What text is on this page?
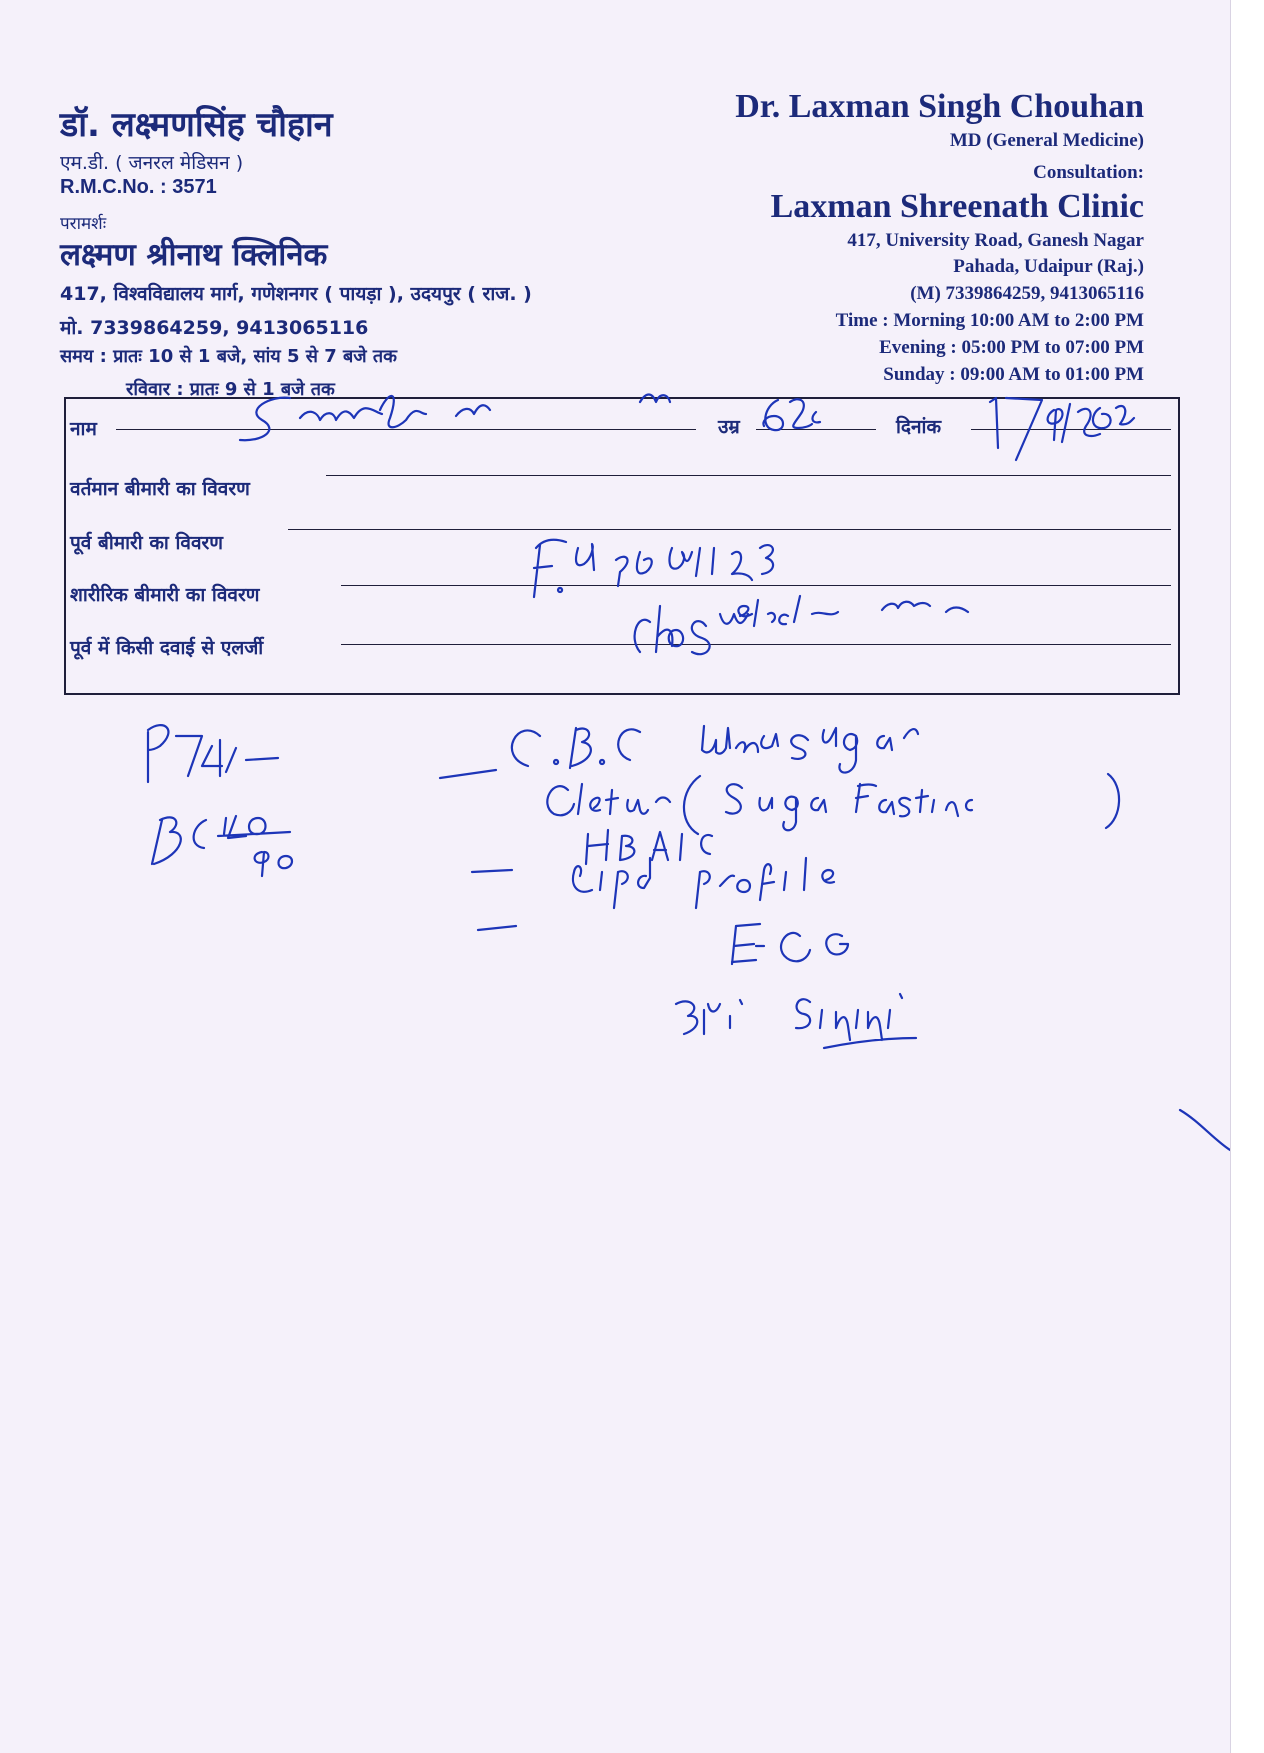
डॉ. लक्ष्मणसिंह चौहान
एम.डी. ( जनरल मेडिसन )
R.M.C.No. : 3571
परामर्शः
लक्ष्मण श्रीनाथ क्लिनिक
417, विश्वविद्यालय मार्ग, गणेशनगर ( पायड़ा ), उदयपुर ( राज. )
मो. 7339864259, 9413065116
समय : प्रातः 10 से 1 बजे, सांय 5 से 7 बजे तक
रविवार : प्रातः 9 से 1 बजे तक
Dr. Laxman Singh Chouhan
MD (General Medicine)
Consultation:
Laxman Shreenath Clinic
417, University Road, Ganesh Nagar
Pahada, Udaipur (Raj.)
(M) 7339864259, 9413065116
Time : Morning 10:00 AM to 2:00 PM
Evening : 05:00 PM to 07:00 PM
Sunday : 09:00 AM to 01:00 PM
नाम	उम्र	दिनांक
वर्तमान बीमारी का विवरण
पूर्व बीमारी का विवरण
शारीरिक बीमारी का विवरण
पूर्व में किसी दवाई से एलर्जी
